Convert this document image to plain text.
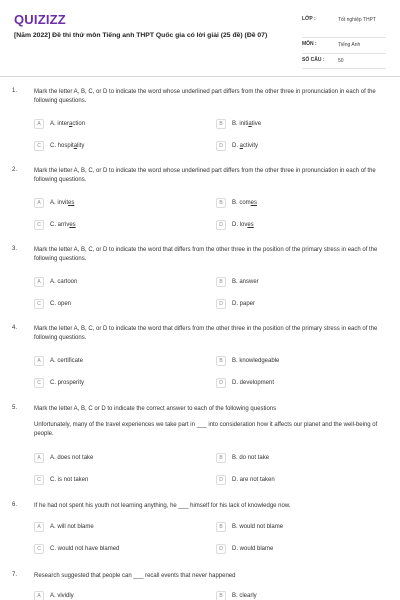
QUIZIZZ
[Năm 2022] Đề thi thử môn Tiếng anh THPT Quốc gia có lời giải (25 đề) (Đề 07)
LỚP :	Tốt nghiệp THPT
MÔN :	Tiếng Anh
SỐ CÂU :	50
1.	Mark the letter A, B, C, or D to indicate the word whose underlined part differs from the other three in pronunciation in each of the following questions.
A	A. interaction	B	B. initiative
C	C. hospitality	D	D. activity
2.	Mark the letter A, B, C, or D to indicate the word whose underlined part differs from the other three in pronunciation in each of the following questions.
A	A. invites	B	B. comes
C	C. arrives	D	D. loves
3.	Mark the letter A, B, C, or D to indicate the word that differs from the other three in the position of the primary stress in each of the following questions.
A	A. cartoon	B	B. answer
C	C. open	D	D. paper
4.	Mark the letter A, B, C, or D to indicate the word that differs from the other three in the position of the primary stress in each of the following questions.
A	A. certificate	B	B. knowledgeable
C	C. prosperity	D	D. development
5.	Mark the letter A, B, C or D to indicate the correct answer to each of the following questions
Unfortunately, many of the travel experiences we take part in ___ into consideration how it affects our planet and the well-being of people.
A	A. does not take	B	B. do not take
C	C. is not taken	D	D. are not taken
6.	If he had not spent his youth not learning anything, he ___ himself for his lack of knowledge now.
A	A. will not blame	B	B. would not blame
C	C. would not have blamed	D	D. would blame
7.	Research suggested that people can ___ recall events that never happened
A	A. vividly	B	B. clearly
